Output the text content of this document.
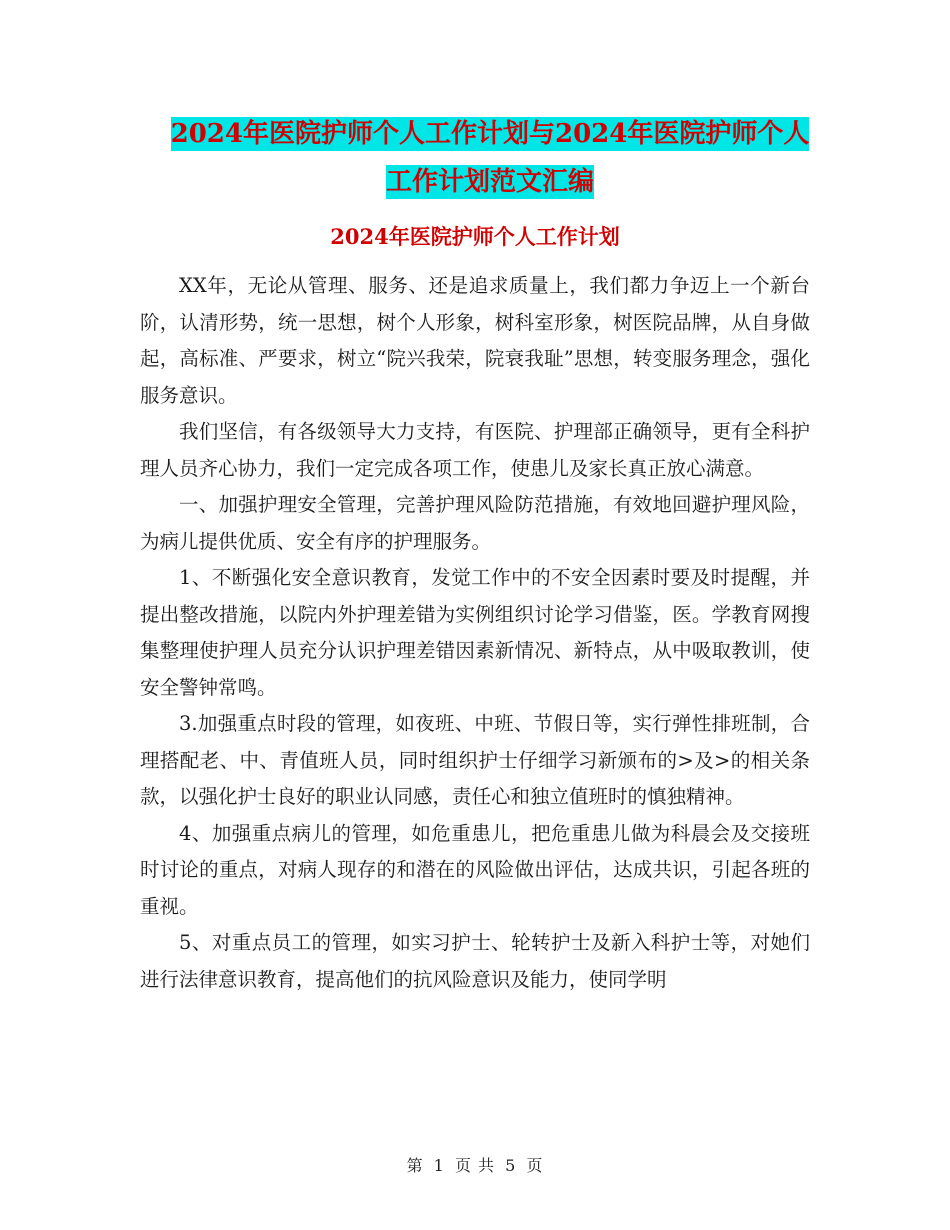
2024年医院护师个人工作计划与2024年医院护师个人工作计划范文汇编
2024年医院护师个人工作计划

XX年，无论从管理、服务、还是追求质量上，我们都力争迈上一个新台阶，认清形势，统一思想，树个人形象，树科室形象，树医院品牌，从自身做起，高标准、严要求，树立“院兴我荣，院衰我耻”思想，转变服务理念，强化服务意识。

我们坚信，有各级领导大力支持，有医院、护理部正确领导，更有全科护理人员齐心协力，我们一定完成各项工作，使患儿及家长真正放心满意。

一、加强护理安全管理，完善护理风险防范措施，有效地回避护理风险，为病儿提供优质、安全有序的护理服务。

1、不断强化安全意识教育，发觉工作中的不安全因素时要及时提醒，并提出整改措施，以院内外护理差错为实例组织讨论学习借鉴，医。学教育网搜集整理使护理人员充分认识护理差错因素新情况、新特点，从中吸取教训，使安全警钟常鸣。

3.加强重点时段的管理，如夜班、中班、节假日等，实行弹性排班制，合理搭配老、中、青值班人员，同时组织护士仔细学习新颁布的>及>的相关条款，以强化护士良好的职业认同感，责任心和独立值班时的慎独精神。

4、加强重点病儿的管理，如危重患儿，把危重患儿做为科晨会及交接班时讨论的重点，对病人现存的和潜在的风险做出评估，达成共识，引起各班的重视。

5、对重点员工的管理，如实习护士、轮转护士及新入科护士等，对她们进行法律意识教育，提高他们的抗风险意识及能力，使同学明

第 1 页 共 5 页
